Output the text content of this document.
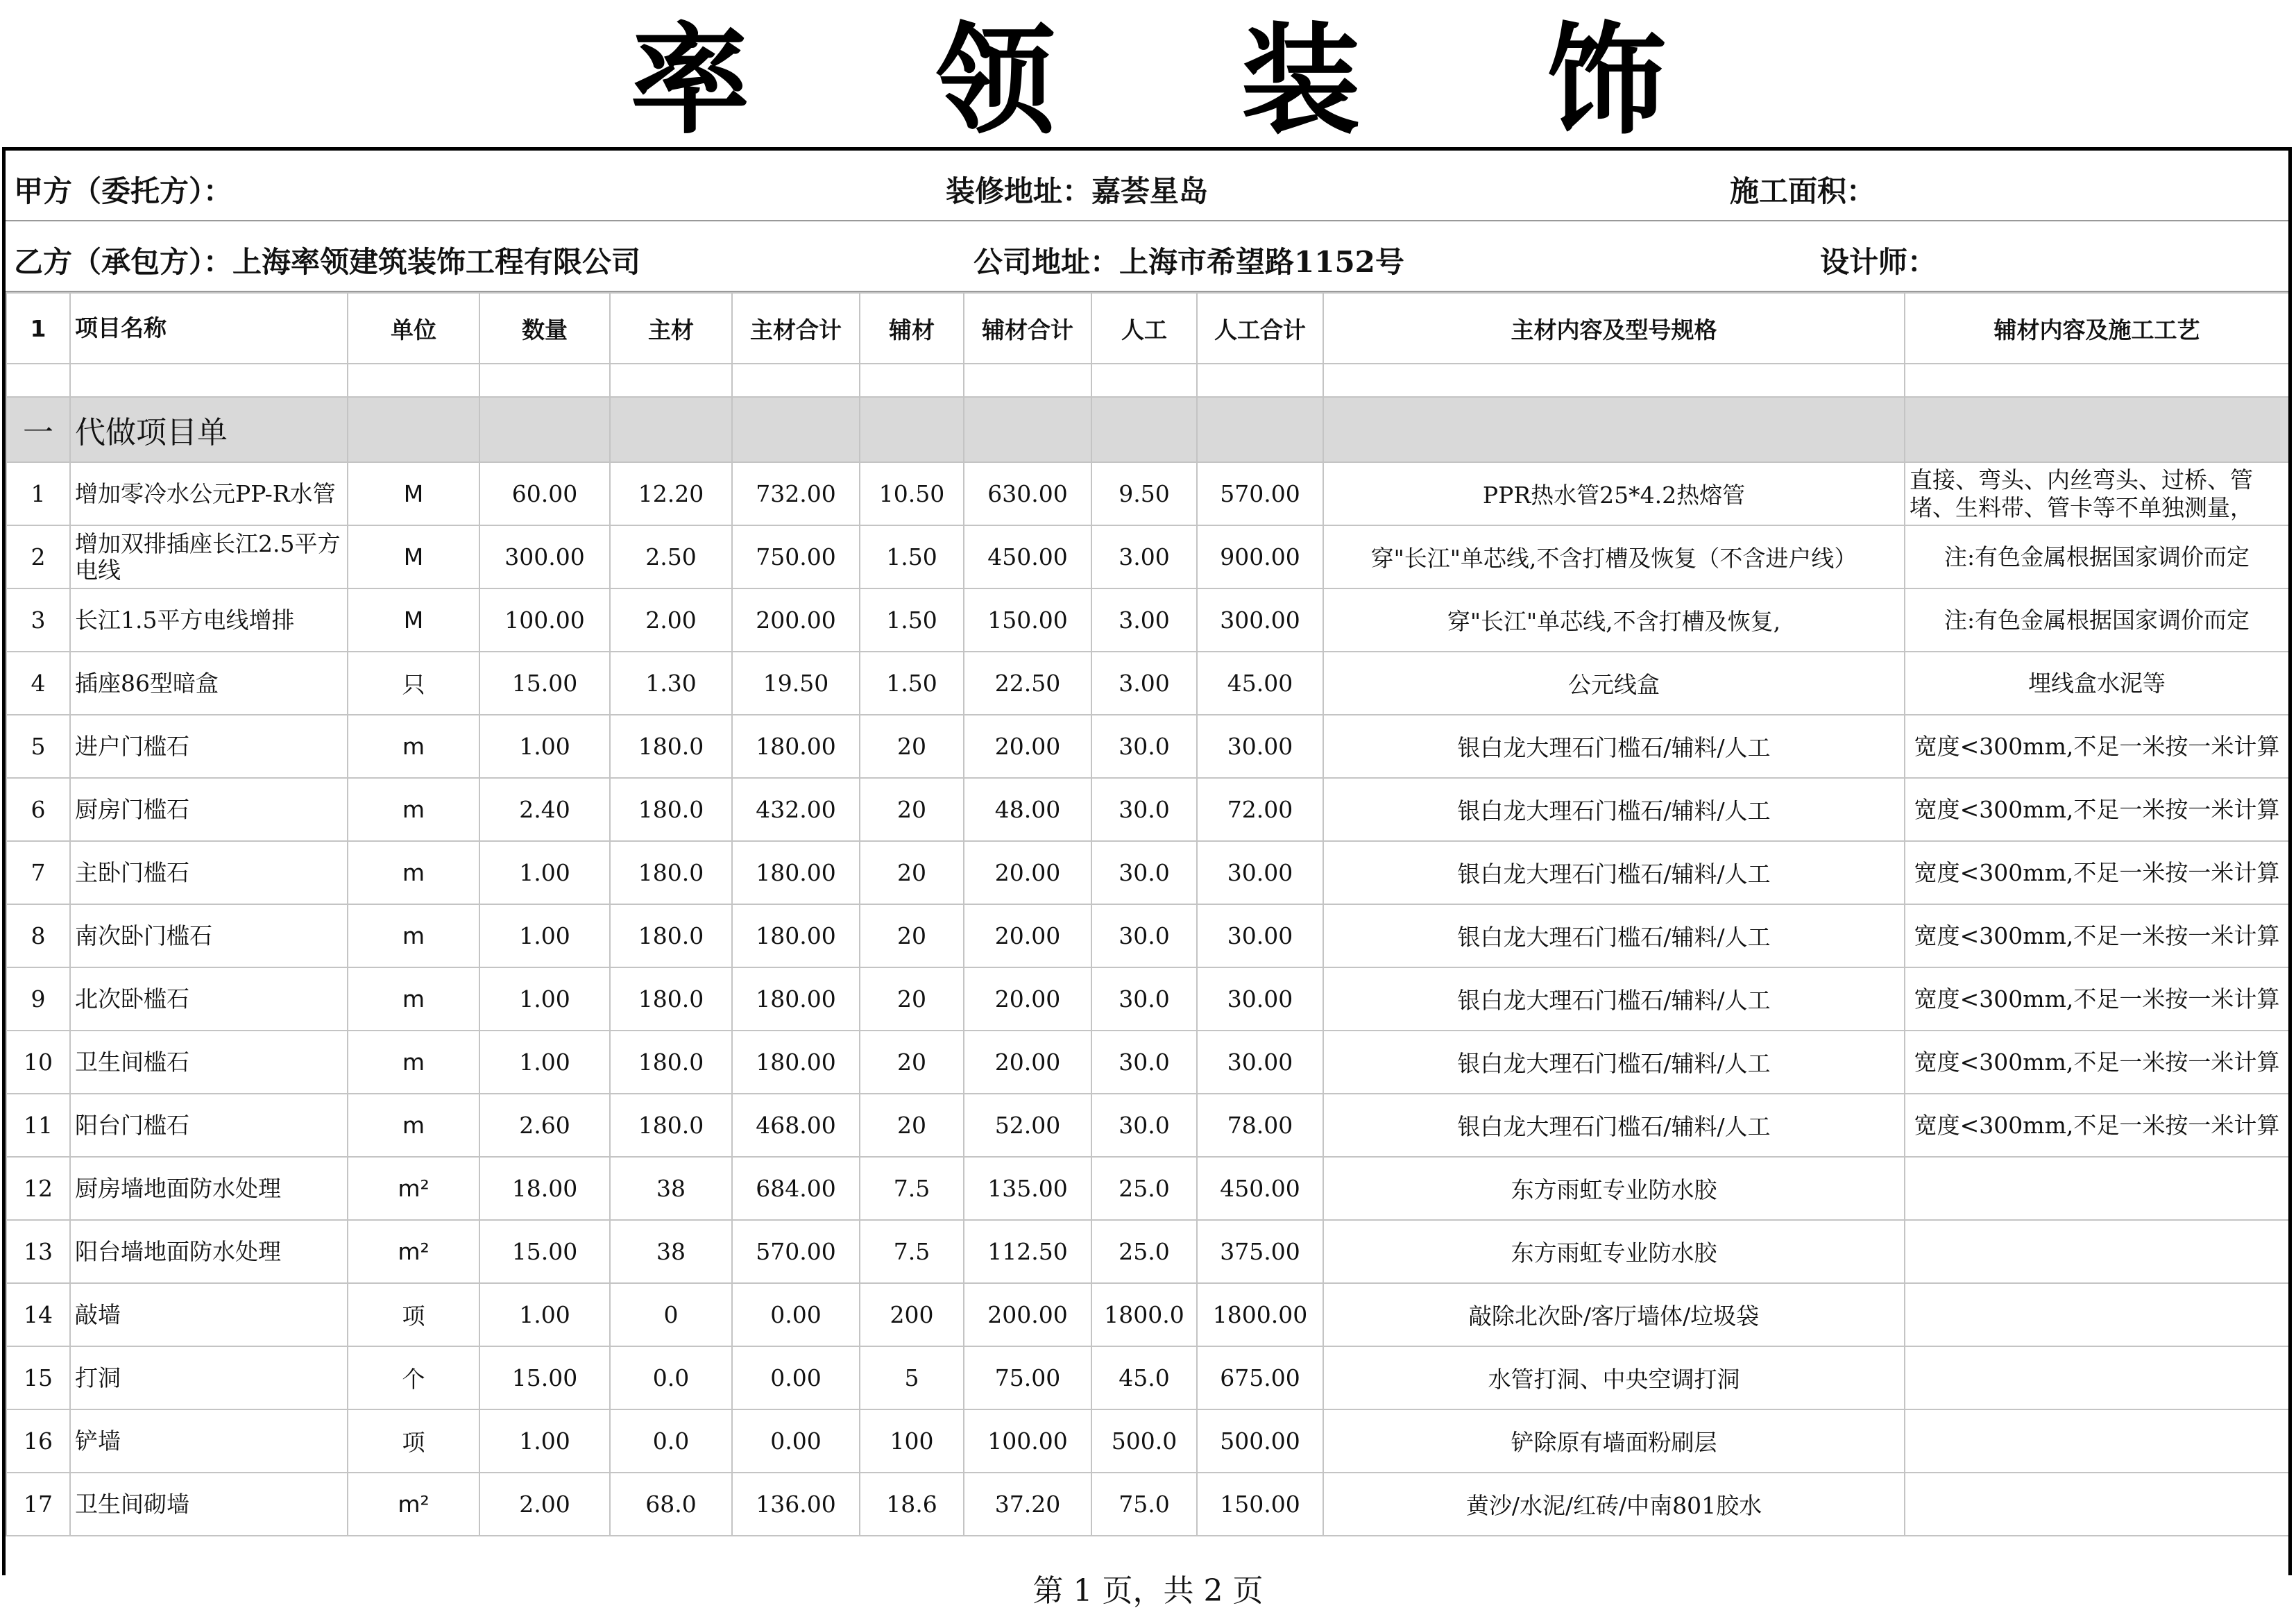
率	领	装	饰
甲方（委托方）：	装修地址：嘉荟星岛	施工面积：
乙方（承包方）：上海率领建筑装饰工程有限公司	公司地址：上海市希望路1152号	设计师：
1	项目名称	单位	数量	主材	主材合计	辅材	辅材合计	人工	人工合计	主材内容及型号规格	辅材内容及施工工艺

一	代做项目单										
1	增加零冷水公元PP-R水管	M	60.00	12.20	732.00	10.50	630.00	9.50	570.00	PPR热水管25*4.2热熔管	直接、弯头、内丝弯头、过桥、管堵、生料带、管卡等不单独测量，
2	增加双排插座长江2.5平方电线	M	300.00	2.50	750.00	1.50	450.00	3.00	900.00	穿"长江"单芯线,不含打槽及恢复（不含进户线）	注:有色金属根据国家调价而定
3	长江1.5平方电线增排	M	100.00	2.00	200.00	1.50	150.00	3.00	300.00	穿"长江"单芯线,不含打槽及恢复,	注:有色金属根据国家调价而定
4	插座86型暗盒	只	15.00	1.30	19.50	1.50	22.50	3.00	45.00	公元线盒	埋线盒水泥等
5	进户门槛石	m	1.00	180.0	180.00	20	20.00	30.0	30.00	银白龙大理石门槛石/辅料/人工	宽度<300mm,不足一米按一米计算
6	厨房门槛石	m	2.40	180.0	432.00	20	48.00	30.0	72.00	银白龙大理石门槛石/辅料/人工	宽度<300mm,不足一米按一米计算
7	主卧门槛石	m	1.00	180.0	180.00	20	20.00	30.0	30.00	银白龙大理石门槛石/辅料/人工	宽度<300mm,不足一米按一米计算
8	南次卧门槛石	m	1.00	180.0	180.00	20	20.00	30.0	30.00	银白龙大理石门槛石/辅料/人工	宽度<300mm,不足一米按一米计算
9	北次卧槛石	m	1.00	180.0	180.00	20	20.00	30.0	30.00	银白龙大理石门槛石/辅料/人工	宽度<300mm,不足一米按一米计算
10	卫生间槛石	m	1.00	180.0	180.00	20	20.00	30.0	30.00	银白龙大理石门槛石/辅料/人工	宽度<300mm,不足一米按一米计算
11	阳台门槛石	m	2.60	180.0	468.00	20	52.00	30.0	78.00	银白龙大理石门槛石/辅料/人工	宽度<300mm,不足一米按一米计算
12	厨房墙地面防水处理	m²	18.00	38	684.00	7.5	135.00	25.0	450.00	东方雨虹专业防水胶	
13	阳台墙地面防水处理	m²	15.00	38	570.00	7.5	112.50	25.0	375.00	东方雨虹专业防水胶	
14	敲墙	项	1.00	0	0.00	200	200.00	1800.0	1800.00	敲除北次卧/客厅墙体/垃圾袋	
15	打洞	个	15.00	0.0	0.00	5	75.00	45.0	675.00	水管打洞、中央空调打洞	
16	铲墙	项	1.00	0.0	0.00	100	100.00	500.0	500.00	铲除原有墙面粉刷层	
17	卫生间砌墙	m²	2.00	68.0	136.00	18.6	37.20	75.0	150.00	黄沙/水泥/红砖/中南801胶水	
第 1 页，共 2 页
